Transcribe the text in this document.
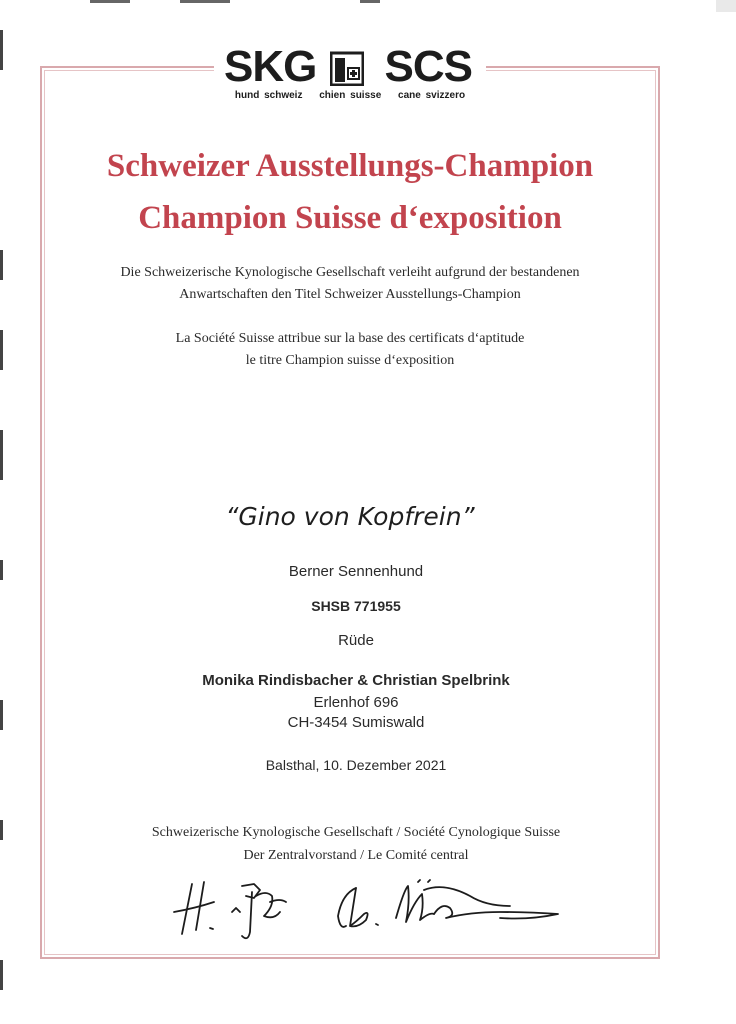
SKG SCS
hund schweiz chien suisse cane svizzero
Schweizer Ausstellungs-Champion
Champion Suisse d‘exposition
Die Schweizerische Kynologische Gesellschaft verleiht aufgrund der bestandenen
Anwartschaften den Titel Schweizer Ausstellungs-Champion
La Société Suisse attribue sur la base des certificats d‘aptitude
le titre Champion suisse d‘exposition
“Gino von Kopfrein”
Berner Sennenhund
SHSB 771955
Rüde
Monika Rindisbacher & Christian Spelbrink
Erlenhof 696
CH-3454 Sumiswald
Balsthal, 10. Dezember 2021
Schweizerische Kynologische Gesellschaft / Société Cynologique Suisse
Der Zentralvorstand / Le Comité central
